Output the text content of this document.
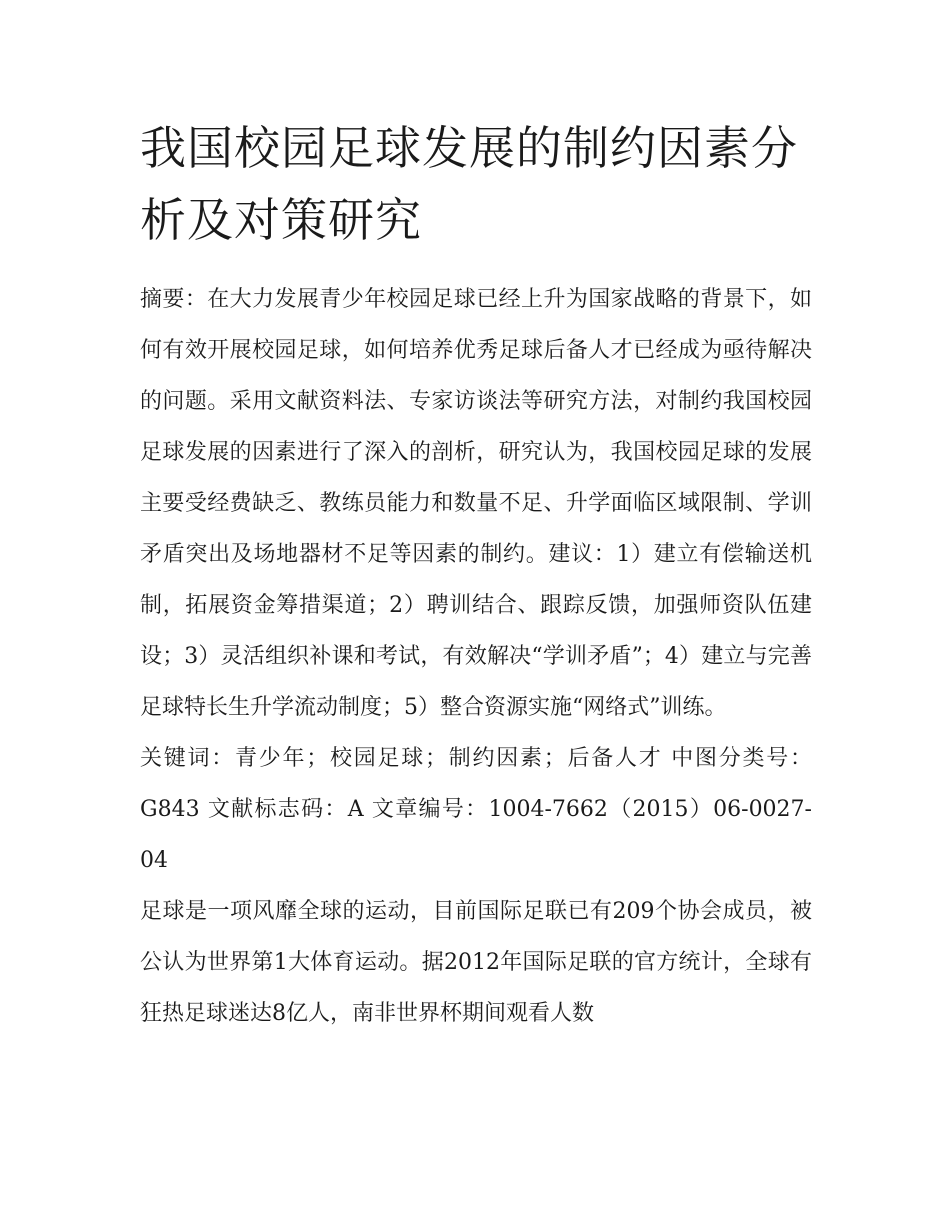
我国校园足球发展的制约因素分析及对策研究

摘要：在大力发展青少年校园足球已经上升为国家战略的背景下，如何有效开展校园足球，如何培养优秀足球后备人才已经成为亟待解决的问题。采用文献资料法、专家访谈法等研究方法，对制约我国校园足球发展的因素进行了深入的剖析，研究认为，我国校园足球的发展主要受经费缺乏、教练员能力和数量不足、升学面临区域限制、学训矛盾突出及场地器材不足等因素的制约。建议：1）建立有偿输送机制，拓展资金筹措渠道；2）聘训结合、跟踪反馈，加强师资队伍建设；3）灵活组织补课和考试，有效解决“学训矛盾”；4）建立与完善足球特长生升学流动制度；5）整合资源实施“网络式”训练。

关键词：青少年；校园足球；制约因素；后备人才 中图分类号：G843 文献标志码：A 文章编号：1004-7662（2015）06-0027-04

足球是一项风靡全球的运动，目前国际足联已有209个协会成员，被公认为世界第1大体育运动。据2012年国际足联的官方统计，全球有狂热足球迷达8亿人，南非世界杯期间观看人数
